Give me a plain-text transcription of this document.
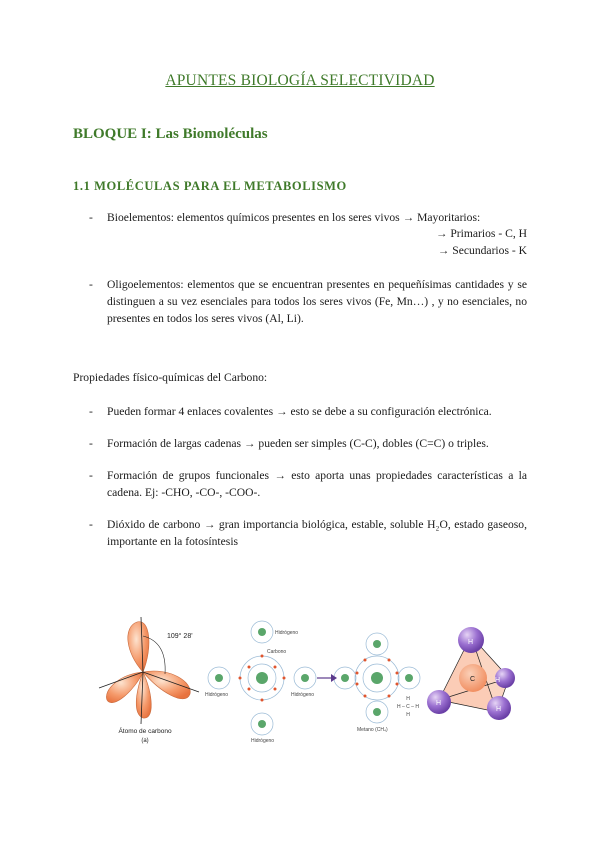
APUNTES BIOLOGÍA SELECTIVIDAD
BLOQUE I: Las Biomoléculas
1.1 MOLÉCULAS PARA EL METABOLISMO
- Bioelementos: elementos químicos presentes en los seres vivos → Mayoritarios:
→ Primarios - C, H
→ Secundarios - K
- Oligoelementos: elementos que se encuentran presentes en pequeñísimas cantidades y se distinguen a su vez esenciales para todos los seres vivos (Fe, Mn…) , y no esenciales, no presentes en todos los seres vivos (Al, Li).
Propiedades físico-químicas del Carbono:
- Pueden formar 4 enlaces covalentes → esto se debe a su configuración electrónica.
- Formación de largas cadenas → pueden ser simples (C-C), dobles (C=C) o triples.
- Formación de grupos funcionales → esto aporta unas propiedades características a la cadena. Ej: -CHO, -CO-, -COO-.
- Dióxido de carbono → gran importancia biológica, estable, soluble H₂O, estado gaseoso, importante en la fotosíntesis
109° 28'
Átomo de carbono
(a)
Hidrógeno
Carbono
Hidrógeno	Hidrógeno
Hidrógeno
Metano (CH₄)
H
H – C – H
H
H
H
H
H
C
